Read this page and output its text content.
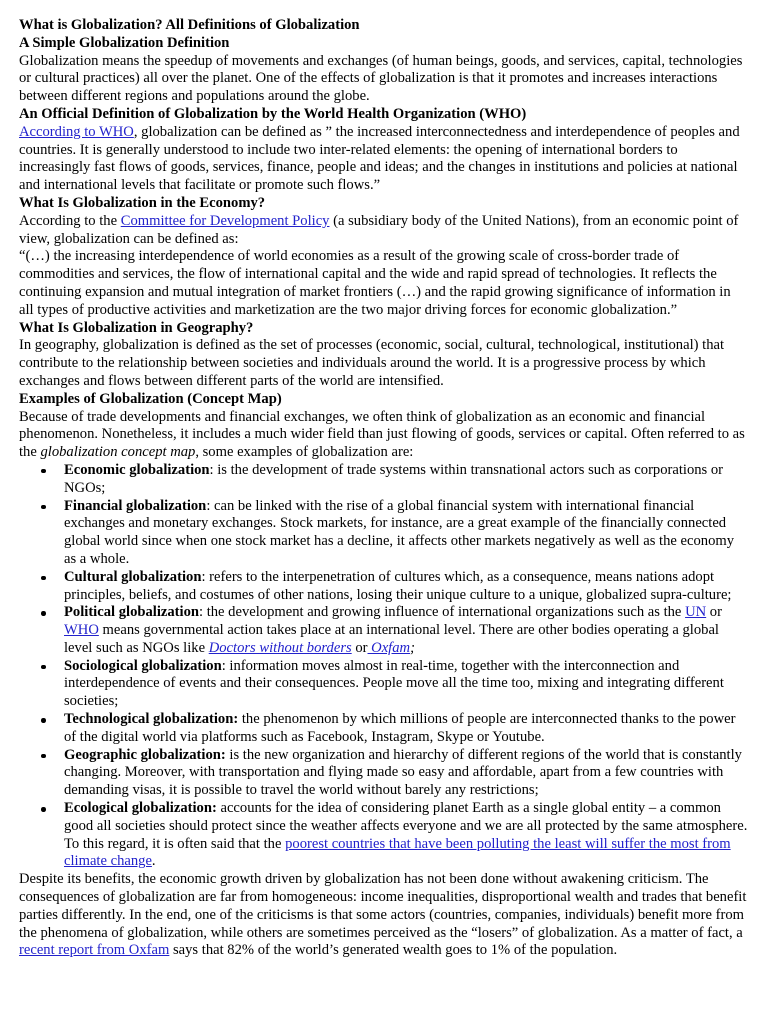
What is Globalization? All Definitions of Globalization
A Simple Globalization Definition

Globalization means the speedup of movements and exchanges (of human beings, goods, and services, capital, technologies or cultural practices) all over the planet. One of the effects of globalization is that it promotes and increases interactions between different regions and populations around the globe.

An Official Definition of Globalization by the World Health Organization (WHO)

According to WHO, globalization can be defined as ” the increased interconnectedness and interdependence of peoples and countries. It is generally understood to include two inter-related elements: the opening of international borders to increasingly fast flows of goods, services, finance, people and ideas; and the changes in institutions and policies at national and international levels that facilitate or promote such flows.”

What Is Globalization in the Economy?

According to the Committee for Development Policy (a subsidiary body of the United Nations), from an economic point of view, globalization can be defined as:

“(…) the increasing interdependence of world economies as a result of the growing scale of cross-border trade of commodities and services, the flow of international capital and the wide and rapid spread of technologies. It reflects the continuing expansion and mutual integration of market frontiers (…) and the rapid growing significance of information in all types of productive activities and marketization are the two major driving forces for economic globalization.”

What Is Globalization in Geography?

In geography, globalization is defined as the set of processes (economic, social, cultural, technological, institutional) that contribute to the relationship between societies and individuals around the world. It is a progressive process by which exchanges and flows between different parts of the world are intensified.

Examples of Globalization (Concept Map)

Because of trade developments and financial exchanges, we often think of globalization as an economic and financial phenomenon. Nonetheless, it includes a much wider field than just flowing of goods, services or capital. Often referred to as the globalization concept map, some examples of globalization are:

Economic globalization: is the development of trade systems within transnational actors such as corporations or NGOs;
Financial globalization: can be linked with the rise of a global financial system with international financial exchanges and monetary exchanges. Stock markets, for instance, are a great example of the financially connected global world since when one stock market has a decline, it affects other markets negatively as well as the economy as a whole.
Cultural globalization: refers to the interpenetration of cultures which, as a consequence, means nations adopt principles, beliefs, and costumes of other nations, losing their unique culture to a unique, globalized supra-culture;
Political globalization: the development and growing influence of international organizations such as the UN or WHO means governmental action takes place at an international level. There are other bodies operating a global level such as NGOs like Doctors without borders or Oxfam;
Sociological globalization: information moves almost in real-time, together with the interconnection and interdependence of events and their consequences. People move all the time too, mixing and integrating different societies;
Technological globalization: the phenomenon by which millions of people are interconnected thanks to the power of the digital world via platforms such as Facebook, Instagram, Skype or Youtube.
Geographic globalization: is the new organization and hierarchy of different regions of the world that is constantly changing. Moreover, with transportation and flying made so easy and affordable, apart from a few countries with demanding visas, it is possible to travel the world without barely any restrictions;
Ecological globalization: accounts for the idea of considering planet Earth as a single global entity – a common good all societies should protect since the weather affects everyone and we are all protected by the same atmosphere. To this regard, it is often said that the poorest countries that have been polluting the least will suffer the most from climate change.

Despite its benefits, the economic growth driven by globalization has not been done without awakening criticism. The consequences of globalization are far from homogeneous: income inequalities, disproportional wealth and trades that benefit parties differently. In the end, one of the criticisms is that some actors (countries, companies, individuals) benefit more from the phenomena of globalization, while others are sometimes perceived as the “losers” of globalization. As a matter of fact, a recent report from Oxfam says that 82% of the world’s generated wealth goes to 1% of the population.
